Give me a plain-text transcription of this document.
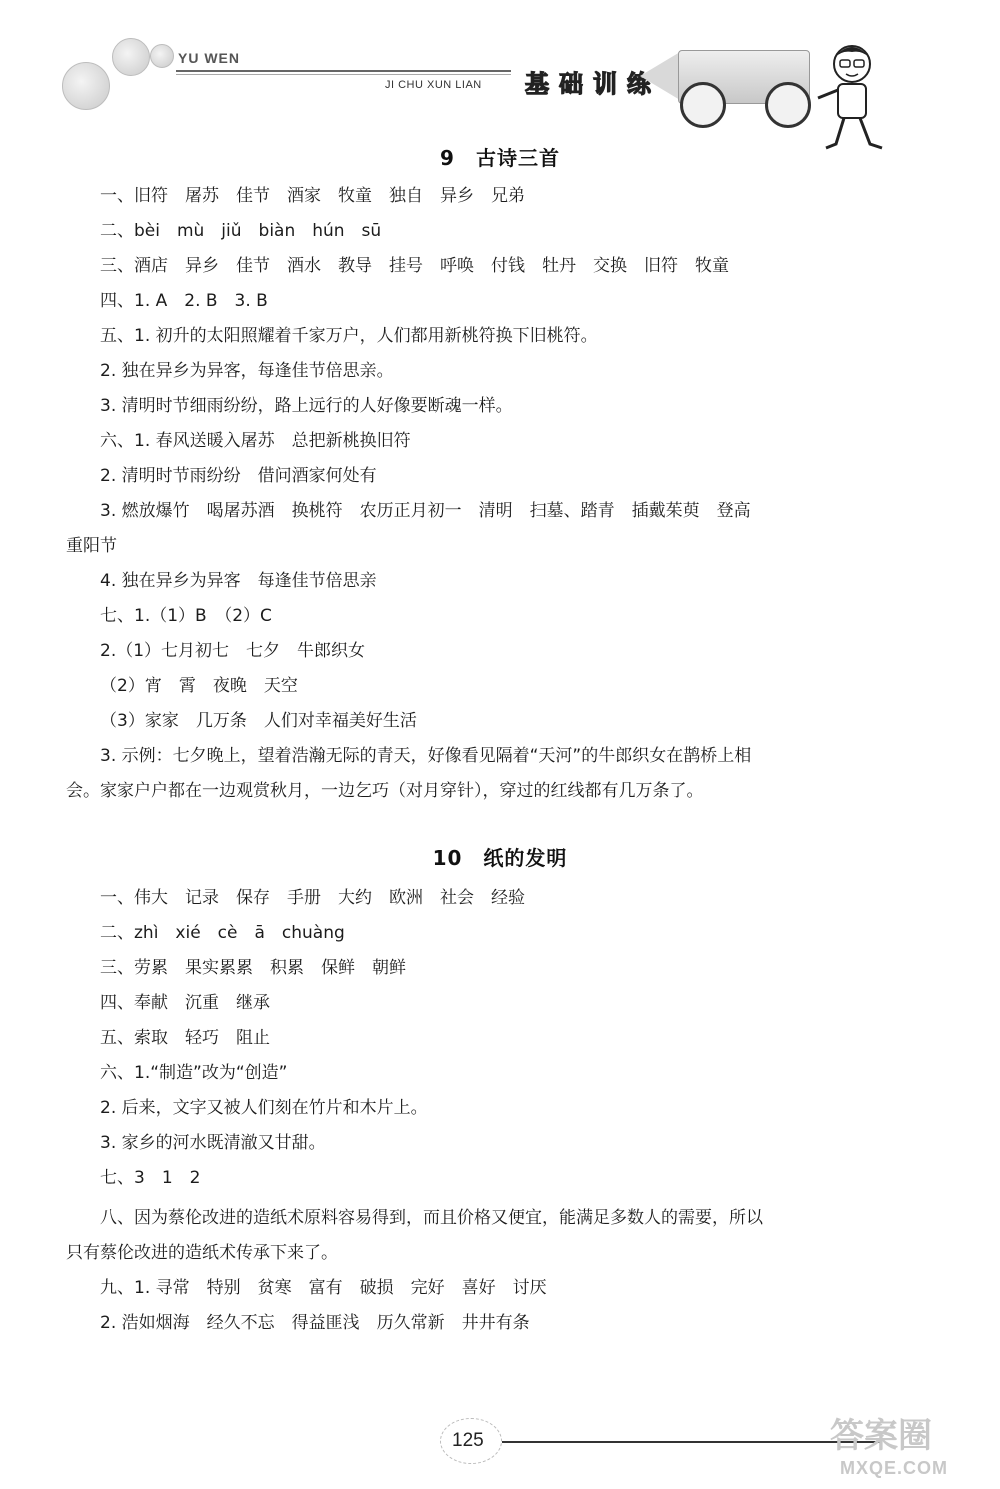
YU WEN
JI CHU XUN LIAN 基 础 训 练
9　古诗三首
一、旧符　屠苏　佳节　酒家　牧童　独自　异乡　兄弟
二、bèi　mù　jiǔ　biàn　hún　sū
三、酒店　异乡　佳节　酒水　教导　挂号　呼唤　付钱　牡丹　交换　旧符　牧童
四、1. A　2. B　3. B
五、1. 初升的太阳照耀着千家万户，人们都用新桃符换下旧桃符。
2. 独在异乡为异客，每逢佳节倍思亲。
3. 清明时节细雨纷纷，路上远行的人好像要断魂一样。
六、1. 春风送暖入屠苏　总把新桃换旧符
2. 清明时节雨纷纷　借问酒家何处有
3. 燃放爆竹　喝屠苏酒　换桃符　农历正月初一　清明　扫墓、踏青　插戴茱萸　登高
重阳节
4. 独在异乡为异客　每逢佳节倍思亲
七、1.（1）B　（2）C
2.（1）七月初七　七夕　牛郎织女
（2）宵　霄　夜晚　天空
（3）家家　几万条　人们对幸福美好生活
3. 示例：七夕晚上，望着浩瀚无际的青天，好像看见隔着“天河”的牛郎织女在鹊桥上相
会。家家户户都在一边观赏秋月，一边乞巧（对月穿针），穿过的红线都有几万条了。
10　纸的发明
一、伟大　记录　保存　手册　大约　欧洲　社会　经验
二、zhì　xié　cè　ā　chuàng
三、劳累　果实累累　积累　保鲜　朝鲜
四、奉献　沉重　继承
五、索取　轻巧　阻止
六、1.“制造”改为“创造”
2. 后来，文字又被人们刻在竹片和木片上。
3. 家乡的河水既清澈又甘甜。
七、3　1　2
八、因为蔡伦改进的造纸术原料容易得到，而且价格又便宜，能满足多数人的需要，所以
只有蔡伦改进的造纸术传承下来了。
九、1. 寻常　特别　贫寒　富有　破损　完好　喜好　讨厌
2. 浩如烟海　经久不忘　得益匪浅　历久常新　井井有条
125	答案圈
MXQE.COM
